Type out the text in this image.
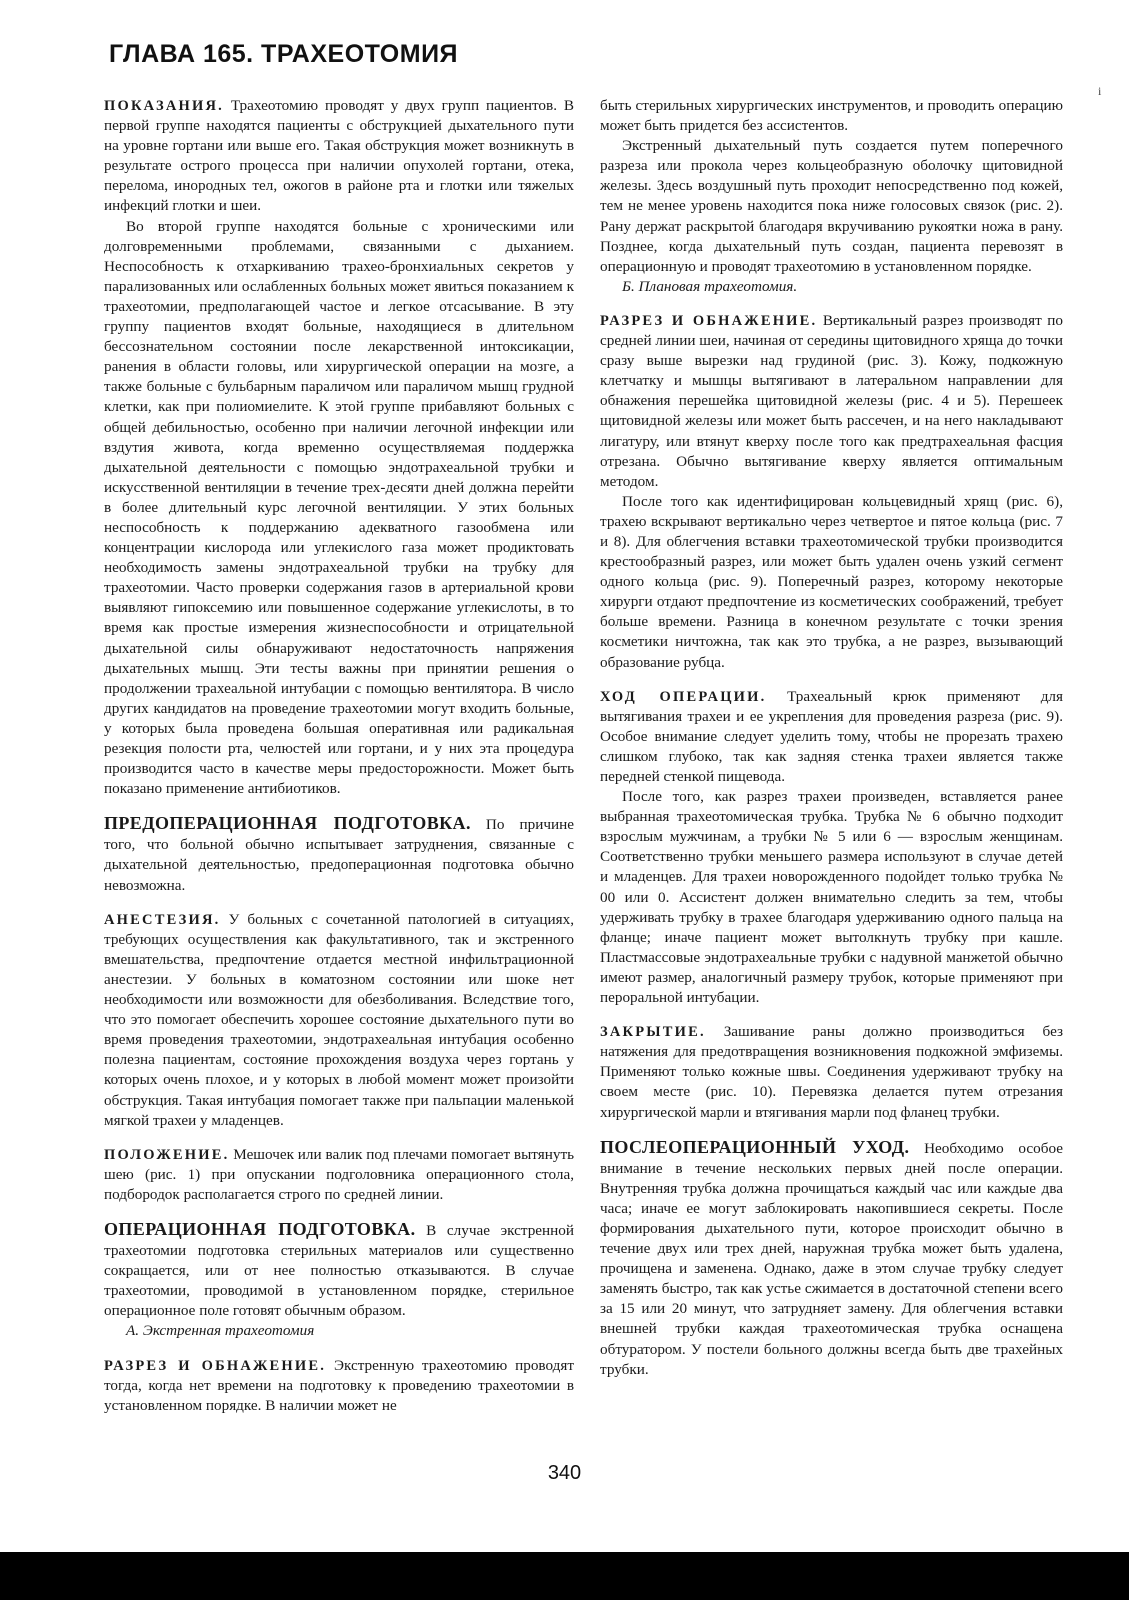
ГЛАВА 165. ТРАХЕОТОМИЯ
i

ПОКАЗАНИЯ. Трахеотомию проводят у двух групп пациентов. В первой группе находятся пациенты с обструкцией дыхательного пути на уровне гортани или выше его. Такая обструкция может возникнуть в результате острого процесса при наличии опухолей гортани, отека, перелома, инородных тел, ожогов в районе рта и глотки или тяжелых инфекций глотки и шеи.

Во второй группе находятся больные с хроническими или долговременными проблемами, связанными с дыханием. Неспособность к отхаркиванию трахео-бронхиальных секретов у парализованных или ослабленных больных может явиться показанием к трахеотомии, предполагающей частое и легкое отсасывание. В эту группу пациентов входят больные, находящиеся в длительном бессознательном состоянии после лекарственной интоксикации, ранения в области головы, или хирургической операции на мозге, а также больные с бульбарным параличом или параличом мышц грудной клетки, как при полиомиелите. К этой группе прибавляют больных с общей дебильностью, особенно при наличии легочной инфекции или вздутия живота, когда временно осуществляемая поддержка дыхательной деятельности с помощью эндотрахеальной трубки и искусственной вентиляции в течение трех-десяти дней должна перейти в более длительный курс легочной вентиляции. У этих больных неспособность к поддержанию адекватного газообмена или концентрации кислорода или углекислого газа может продиктовать необходимость замены эндотрахеальной трубки на трубку для трахеотомии. Часто проверки содержания газов в артериальной крови выявляют гипоксемию или повышенное содержание углекислоты, в то время как простые измерения жизнеспособности и отрицательной дыхательной силы обнаруживают недостаточность напряжения дыхательных мышц. Эти тесты важны при принятии решения о продолжении трахеальной интубации с помощью вентилятора. В число других кандидатов на проведение трахеотомии могут входить больные, у которых была проведена большая оперативная или радикальная резекция полости рта, челюстей или гортани, и у них эта процедура производится часто в качестве меры предосторожности. Может быть показано применение антибиотиков.

ПРЕДОПЕРАЦИОННАЯ ПОДГОТОВКА. По причине того, что больной обычно испытывает затруднения, связанные с дыхательной деятельностью, предоперационная подготовка обычно невозможна.

АНЕСТЕЗИЯ. У больных с сочетанной патологией в ситуациях, требующих осуществления как факультативного, так и экстренного вмешательства, предпочтение отдается местной инфильтрационной анестезии. У больных в коматозном состоянии или шоке нет необходимости или возможности для обезболивания. Вследствие того, что это помогает обеспечить хорошее состояние дыхательного пути во время проведения трахеотомии, эндотрахеальная интубация особенно полезна пациентам, состояние прохождения воздуха через гортань у которых очень плохое, и у которых в любой момент может произойти обструкция. Такая интубация помогает также при пальпации маленькой мягкой трахеи у младенцев.

ПОЛОЖЕНИЕ. Мешочек или валик под плечами помогает вытянуть шею (рис. 1) при опускании подголовника операционного стола, подбородок располагается строго по средней линии.

ОПЕРАЦИОННАЯ ПОДГОТОВКА. В случае экстренной трахеотомии подготовка стерильных материалов или существенно сокращается, или от нее полностью отказываются. В случае трахеотомии, проводимой в установленном порядке, стерильное операционное поле готовят обычным образом.

А. Экстренная трахеотомия

РАЗРЕЗ И ОБНАЖЕНИЕ. Экстренную трахеотомию проводят тогда, когда нет времени на подготовку к проведению трахеотомии в установленном порядке. В наличии может не

быть стерильных хирургических инструментов, и проводить операцию может быть придется без ассистентов.

Экстренный дыхательный путь создается путем поперечного разреза или прокола через кольцеобразную оболочку щитовидной железы. Здесь воздушный путь проходит непосредственно под кожей, тем не менее уровень находится пока ниже голосовых связок (рис. 2). Рану держат раскрытой благодаря вкручиванию рукоятки ножа в рану. Позднее, когда дыхательный путь создан, пациента перевозят в операционную и проводят трахеотомию в установленном порядке.

Б. Плановая трахеотомия.

РАЗРЕЗ И ОБНАЖЕНИЕ. Вертикальный разрез производят по средней линии шеи, начиная от середины щитовидного хряща до точки сразу выше вырезки над грудиной (рис. 3). Кожу, подкожную клетчатку и мышцы вытягивают в латеральном направлении для обнажения перешейка щитовидной железы (рис. 4 и 5). Перешеек щитовидной железы или может быть рассечен, и на него накладывают лигатуру, или втянут кверху после того как предтрахеальная фасция отрезана. Обычно вытягивание кверху является оптимальным методом.

После того как идентифицирован кольцевидный хрящ (рис. 6), трахею вскрывают вертикально через четвертое и пятое кольца (рис. 7 и 8). Для облегчения вставки трахеотомической трубки производится крестообразный разрез, или может быть удален очень узкий сегмент одного кольца (рис. 9). Поперечный разрез, которому некоторые хирурги отдают предпочтение из косметических соображений, требует больше времени. Разница в конечном результате с точки зрения косметики ничтожна, так как это трубка, а не разрез, вызывающий образование рубца.

ХОД ОПЕРАЦИИ. Трахеальный крюк применяют для вытягивания трахеи и ее укрепления для проведения разреза (рис. 9). Особое внимание следует уделить тому, чтобы не прорезать трахею слишком глубоко, так как задняя стенка трахеи является также передней стенкой пищевода.

После того, как разрез трахеи произведен, вставляется ранее выбранная трахеотомическая трубка. Трубка № 6 обычно подходит взрослым мужчинам, а трубки № 5 или 6 — взрослым женщинам. Соответственно трубки меньшего размера используют в случае детей и младенцев. Для трахеи новорожденного подойдет только трубка № 00 или 0. Ассистент должен внимательно следить за тем, чтобы удерживать трубку в трахее благодаря удерживанию одного пальца на фланце; иначе пациент может вытолкнуть трубку при кашле. Пластмассовые эндотрахеальные трубки с надувной манжетой обычно имеют размер, аналогичный размеру трубок, которые применяют при пероральной интубации.

ЗАКРЫТИЕ. Зашивание раны должно производиться без натяжения для предотвращения возникновения подкожной эмфиземы. Применяют только кожные швы. Соединения удерживают трубку на своем месте (рис. 10). Перевязка делается путем отрезания хирургической марли и втягивания марли под фланец трубки.

ПОСЛЕОПЕРАЦИОННЫЙ УХОД. Необходимо особое внимание в течение нескольких первых дней после операции. Внутренняя трубка должна прочищаться каждый час или каждые два часа; иначе ее могут заблокировать накопившиеся секреты. После формирования дыхательного пути, которое происходит обычно в течение двух или трех дней, наружная трубка может быть удалена, прочищена и заменена. Однако, даже в этом случае трубку следует заменять быстро, так как устье сжимается в достаточной степени всего за 15 или 20 минут, что затрудняет замену. Для облегчения вставки внешней трубки каждая трахеотомическая трубка оснащена обтуратором. У постели больного должны всегда быть две трахейных трубки.

340
